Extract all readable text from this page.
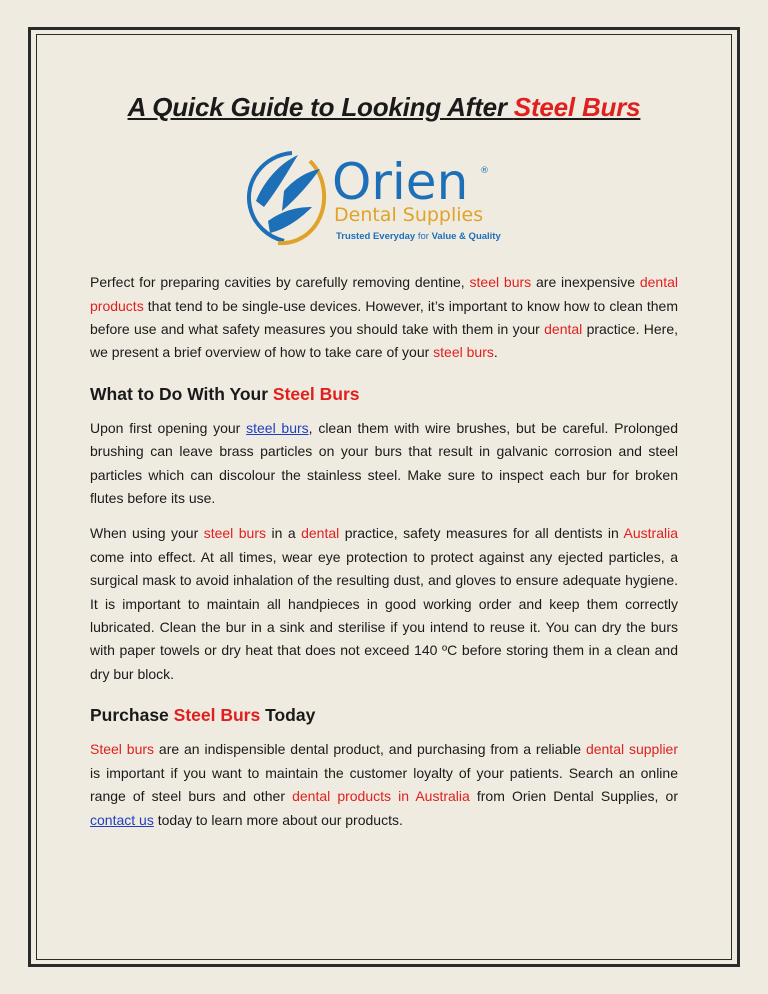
A Quick Guide to Looking After Steel Burs
Orien ®
Dental Supplies
Trusted Everyday for Value & Quality

Perfect for preparing cavities by carefully removing dentine, steel burs are inexpensive dental products that tend to be single-use devices. However, it’s important to know how to clean them before use and what safety measures you should take with them in your dental practice. Here, we present a brief overview of how to take care of your steel burs.

What to Do With Your Steel Burs

Upon first opening your steel burs, clean them with wire brushes, but be careful. Prolonged brushing can leave brass particles on your burs that result in galvanic corrosion and steel particles which can discolour the stainless steel. Make sure to inspect each bur for broken flutes before its use.

When using your steel burs in a dental practice, safety measures for all dentists in Australia come into effect. At all times, wear eye protection to protect against any ejected particles, a surgical mask to avoid inhalation of the resulting dust, and gloves to ensure adequate hygiene. It is important to maintain all handpieces in good working order and keep them correctly lubricated. Clean the bur in a sink and sterilise if you intend to reuse it. You can dry the burs with paper towels or dry heat that does not exceed 140 ºC before storing them in a clean and dry bur block.

Purchase Steel Burs Today

Steel burs are an indispensible dental product, and purchasing from a reliable dental supplier is important if you want to maintain the customer loyalty of your patients. Search an online range of steel burs and other dental products in Australia from Orien Dental Supplies, or contact us today to learn more about our products.
